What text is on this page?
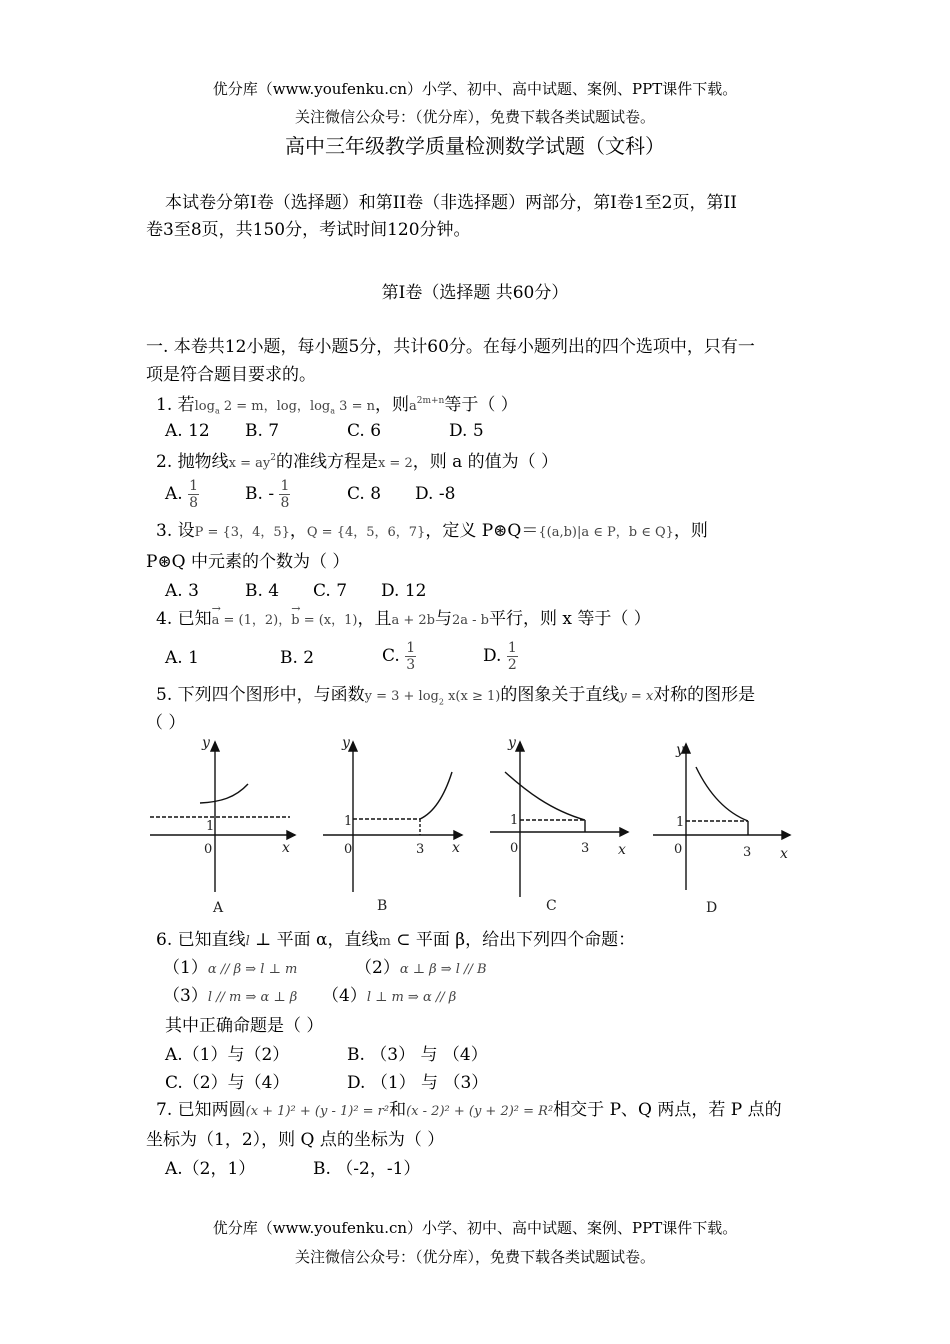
优分库（www.youfenku.cn）小学、初中、高中试题、案例、PPT课件下载。
关注微信公众号：（优分库），免费下载各类试题试卷。
高中三年级教学质量检测数学试题（文科）
本试卷分第I卷（选择题）和第II卷（非选择题）两部分，第I卷1至2页，第II
卷3至8页，共150分，考试时间120分钟。
第I卷（选择题 共60分）
一. 本卷共12小题，每小题5分，共计60分。在每小题列出的四个选项中，只有一
项是符合题目要求的。
1. 若$\log_a 2 = m$，log，$\log_a 3 = n$，则$a^{2m+n}$等于（ ）
A. 12 B. 7	C. 6	D. 5
2. 抛物线$x = ay^2$的准线方程是x = 2，则 a 的值为（ ）
A. $\frac{1}{8}$	B. - $\frac{1}{8}$	C. 8 D. -8
3. 设P = {3，4，5}，Q = {4，5，6，7}，定义 P⊛Q＝{(a,b)|a ∈ P，b ∈ Q}，则
P⊛Q 中元素的个数为（ ）
A. 3	B. 4 C. 7 D. 12
4. 已知→ a = (1，2)，→ b = (x，1)，且a + 2b与2a - b平行，则 x 等于（ ）
A. 1	B. 2	C. $\frac{1}{3}$	D. $\frac{1}{2}$
5. 下列四个图形中，与函数$y = 3 + \log_2 x(x \ge 1)$的图象关于直线y = x对称的图形是
（ ）
y
x
y
x
y
x
y
x
0
1
0
1
3	0
1
3	0
1
3
A	B	C	D
6. 已知直线l ⊥ 平面 α，直线m ⊂ 平面 β，给出下列四个命题：
（1）α // β ⇒ l ⊥ m	（2）α ⊥ β ⇒ l // B
（3）l // m ⇒ α ⊥ β （4）l ⊥ m ⇒ α // β
其中正确命题是（ ）
A.（1）与（2）	B. （3） 与 （4）
C.（2）与（4）	D. （1） 与 （3）
7. 已知两圆(x + 1)² + (y - 1)² = r²和(x - 2)² + (y + 2)² = R²相交于 P、Q 两点，若 P 点的
坐标为（1，2），则 Q 点的坐标为（ ）
A.（2，1）	B. （-2，-1）
优分库（www.youfenku.cn）小学、初中、高中试题、案例、PPT课件下载。
关注微信公众号：（优分库），免费下载各类试题试卷。
